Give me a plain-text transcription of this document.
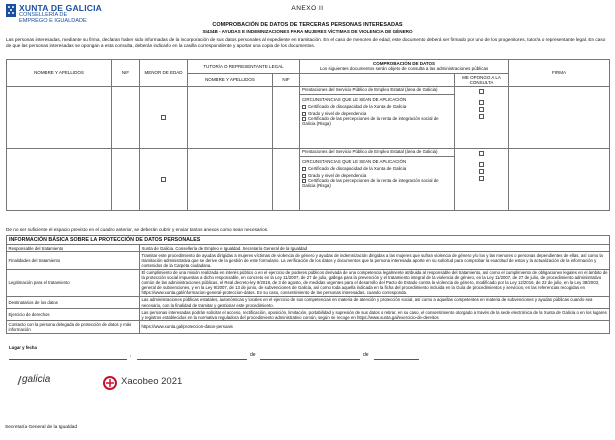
XUNTA DE GALICIA
CONSELLERÍA DE
EMPREGO E IGUALDADE
ANEXO II
COMPROBACIÓN DE DATOS DE TERCERAS PERSONAS INTERESADAS
SI434B - AYUDAS E INDEMNIZACIONES PARA MUJERES VÍCTIMAS DE VIOLENCIA DE GÉNERO
Las personas interesadas, mediante su firma, declaran haber sido informadas de la incorporación de sus datos personales al expediente en tramitación. En el caso de menores de edad, este documento deberá ser firmado por uno de los progenitores, tutor/a o representante legal. En caso de que las personas interesadas se opongan a esta consulta, deberán indicarlo en la casilla correspondiente y aportar una copia de los documentos.
NOMBRE Y APELLIDOS	NIF	MENOR DE EDAD	TUTOR/A O REPRESENTANTE LEGAL		COMPROBACIÓN DE DATOS
Los siguientes documentos serán objeto de consulta a las administraciones públicas		FIRMA
			NOMBRE Y APELLIDOS	NIF		ME OPONGO A LA CONSULTA	

					Prestaciones del Servicio Público de Empleo Estatal (área de Galicia)
CIRCUNSTANCIAS QUE LE SEAN DE APLICACIÓN
Certificado de discapacidad de la Xunta de Galicia
Grado y nivel de dependencia
Certificado de las percepciones de la renta de integración social de Galicia (Risga)		

					Prestaciones del Servicio Público de Empleo Estatal (área de Galicia)
CIRCUNSTANCIAS QUE LE SEAN DE APLICACIÓN
Certificado de discapacidad de la Xunta de Galicia
Grado y nivel de dependencia
Certificado de las percepciones de la renta de integración social de Galicia (Risga)		

De no ser suficiente el espacio previsto en el cuadro anterior, se deberán cubrir y enviar tantos anexos como sean necesarios.
INFORMACIÓN BÁSICA SOBRE LA PROTECCIÓN DE DATOS PERSONALES	
Responsable del tratamiento	Xunta de Galicia. Consellería de Empleo e Igualdad. Secretaría General de la Igualdad
Finalidades del tratamiento	Tramitar este procedimiento de ayudas dirigidas a mujeres víctimas de violencia de género y ayudas de indemnización dirigidas a las mujeres que sufran violencia de género y/o los y las menores o personas dependientes de ellas, así como la tramitación administrativa que se derive de la gestión de este formulario. La verificación de los datos y documentos que la persona interesada aporte en su solicitud para comprobar la exactitud de estos y la actualización de la información y contenidos de la Carpeta ciudadana.
Legitimación para el tratamiento	El cumplimiento de una misión realizada en interés público o en el ejercicio de poderes públicos derivada de una competencia legalmente atribuida al responsable del tratamiento, así como el cumplimiento de obligaciones legales en el ámbito de la protección social impuestas a dicho responsable, en concreto en la Ley 11/2007, de 27 de julio, gallega para la prevención y el tratamiento integral de la violencia de género, en la Ley 11/2007, de 27 de julio, de procedimiento administrativo común de las administraciones públicas, el Real decreto-ley 9/2018, de 3 de agosto, de medidas urgentes para el desarrollo del Pacto de Estado contra la violencia de género, modificado por la Ley 12/2016, de 22 de julio, en la Ley 38/2003, general de subvenciones, y en la Ley 9/2007, de 13 de junio, de subvenciones de Galicia, así como toda aquella indicada en la ficha del procedimiento incluida en la Guía de procedimientos y servicios, en las referencias recogidas en https://www.xunta.gal/informacion-general-proteccion-datos. En su caso, consentimiento de las personas interesadas, cuando corresponda.
Destinatarios de los datos	Las administraciones públicas estatales, autonómicas y locales en el ejercicio de sus competencias en materia de atención y protección social, así como a aquellas competentes en materia de subvenciones y ayudas públicas cuando sea necesario, con la finalidad de tramitar y gestionar este procedimiento.
Ejercicio de derechos	Las personas interesadas podrán solicitar el acceso, rectificación, oposición, limitación, portabilidad y supresión de sus datos o retirar, en su caso, el consentimiento otorgado a través de la sede electrónica de la Xunta de Galicia o en los lugares y registros establecidos en la normativa reguladora del procedimiento administrativo común, según se recoge en https://www.xunta.gal/exercicio-de-dereitos
Contacto con la persona delegada de protección de datos y más información	https://www.xunta.gal/proteccion-datos-persoais
Lugar y fecha
,	de	de
galicia	Xacobeo 2021
Secretaría General de la Igualdad
